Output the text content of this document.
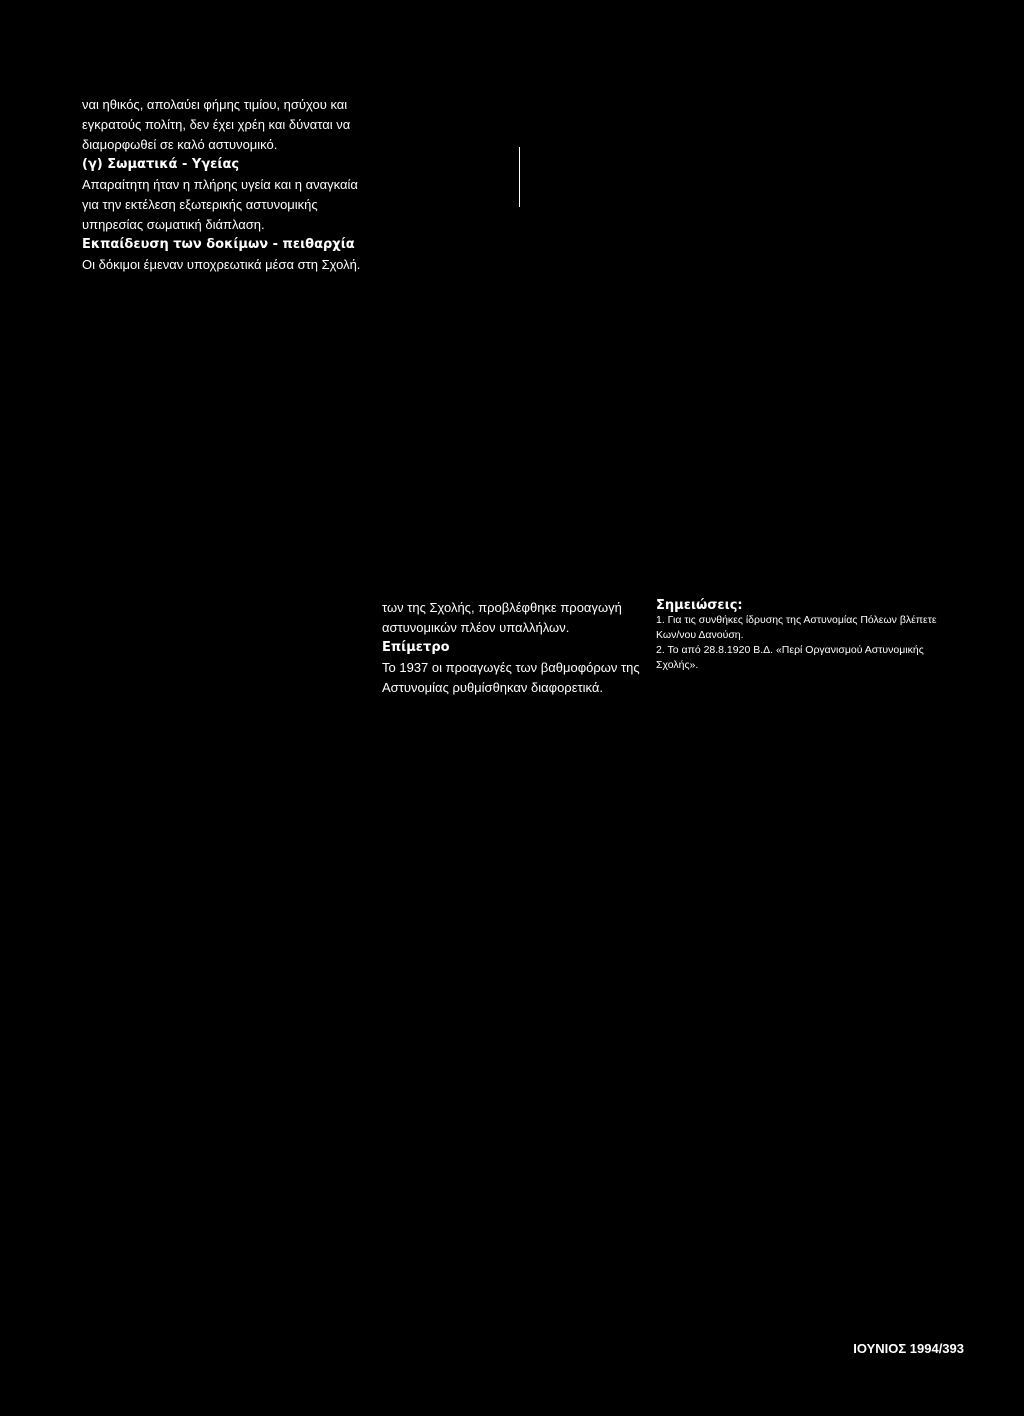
ναι ηθικός, απολαύει φήμης τιμίου, ησύχου και εγκρατούς πολίτη, δεν έχει χρέη και δύναται να διαμορφωθεί σε καλό αστυνομικό.

(γ) Σωματικά - Υγείας

Απαραίτητη ήταν η πλήρης υγεία και η αναγκαία για την εκτέλεση εξωτερικής αστυνομικής υπηρεσίας σωματική διάπλαση.

Εκπαίδευση των δοκίμων - πειθαρχία

Οι δόκιμοι έμεναν υποχρεωτικά μέσα στη Σχολή.

των της Σχολής, προβλέφθηκε προαγωγή αστυνομικών πλέον υπαλλήλων.

Επίμετρο

Το 1937 οι προαγωγές των βαθμοφόρων της Αστυνομίας ρυθμίσθηκαν διαφορετικά.

Σημειώσεις:

1. Για τις συνθήκες ίδρυσης της Αστυνομίας Πόλεων βλέπετε Κων/νου Δανούση.

2. Το από 28.8.1920 Β.Δ. «Περί Οργανισμού Αστυνομικής Σχολής».

ΙΟΥΝΙΟΣ 1994/393
